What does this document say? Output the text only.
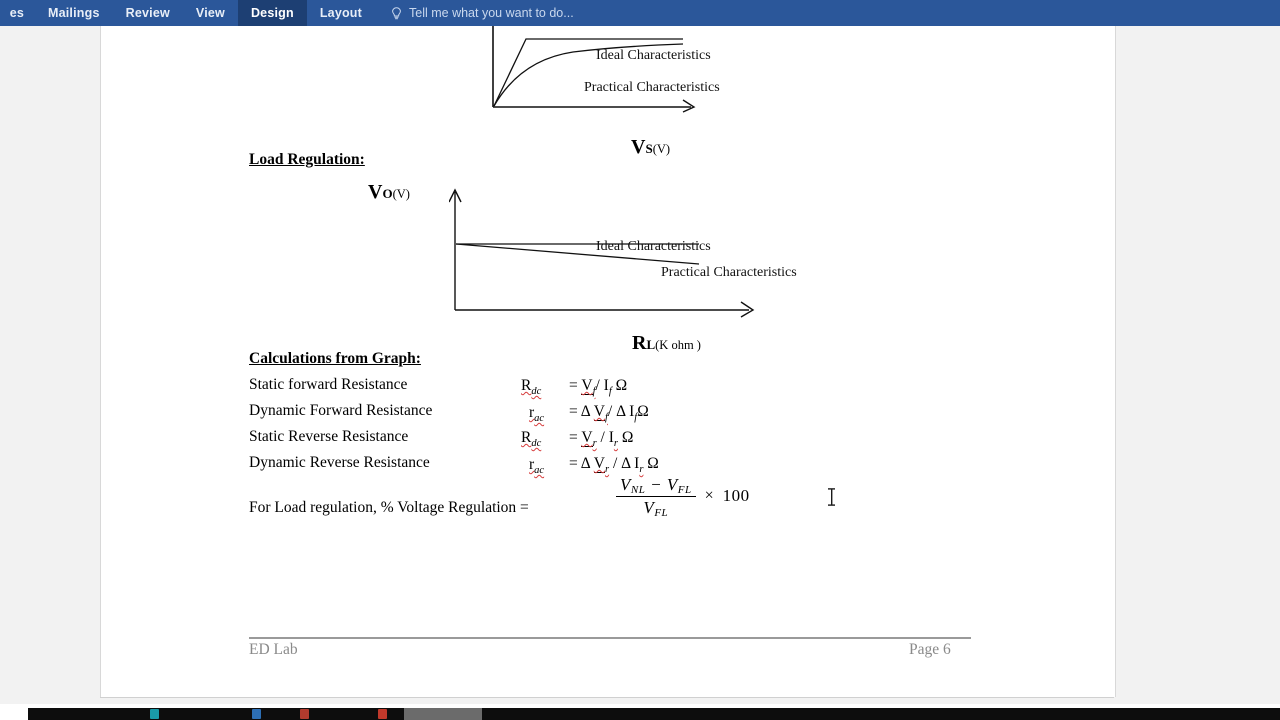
es Mailings Review View Design Layout	Tell me what you want to do...
Ideal Characteristics
Practical Characteristics
VS(V)
Load Regulation:
VO(V)
Ideal Characteristics
Practical Characteristics
RL(K ohm )
Calculations from Graph:
Static forward Resistance	$R_{dc} = V_f/$ $I_f$ Ω
Dynamic Forward Resistance	$r_{ac} = \Delta$ $V_f/$ Δ $I_f\Omega$
Static Reverse Resistance	$R_{dc} = V_r / I_r$ Ω
Dynamic Reverse Resistance	$r_{ac} = \Delta$ $V_r$ / Δ $I_r$ Ω
For Load regulation, % Voltage Regulation =	$\frac{\text{VNL − VFL}}{\text{VFL}} \times 100$
ED Lab	Page 6
